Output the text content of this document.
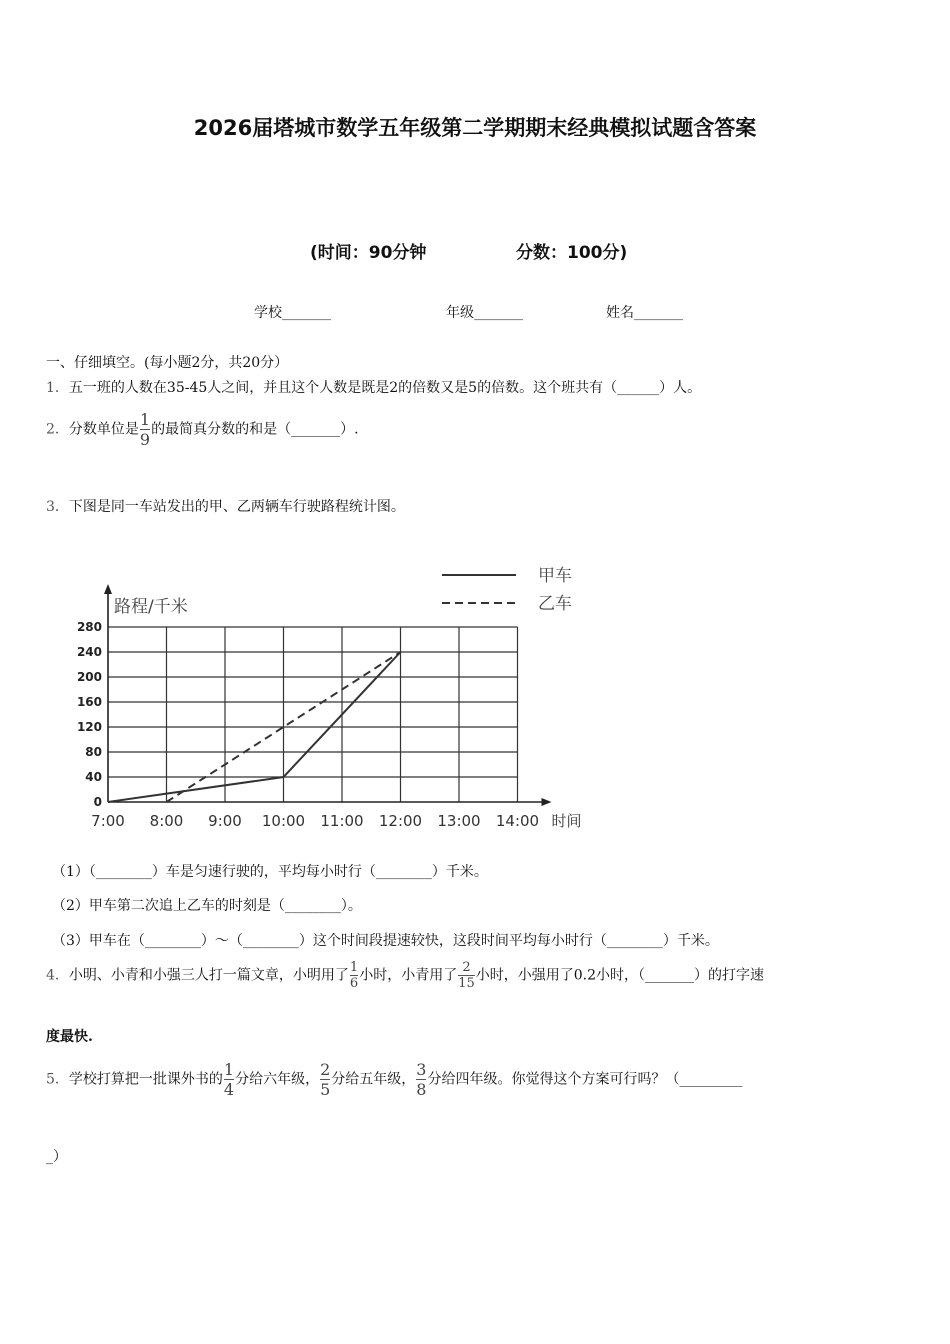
2026届塔城市数学五年级第二学期期末经典模拟试题含答案
(时间：90分钟	分数：100分)
学校_______	年级_______	姓名_______
一、仔细填空。(每小题2分，共20分）
1．五一班的人数在35-45人之间，并且这个人数是既是2的倍数又是5的倍数。这个班共有（______）人。
2．分数单位是 $\frac{1}{9}$ 的最简真分数的和是（_______）.
3．下图是同一车站发出的甲、乙两辆车行驶路程统计图。
0
40
80
120
160
200
240
280
7:00 8:00 9:00 10:00 11:00 12:00 13:00 14:00
甲车
乙车
路程/千米
时间
（1）（________）车是匀速行驶的，平均每小时行（________）千米。
（2）甲车第二次追上乙车的时刻是（________）。
（3）甲车在（________）～（________）这个时间段提速较快，这段时间平均每小时行（________）千米。
4．小明、小青和小强三人打一篇文章，小明用了 $\frac{1}{6}$ 小时，小青用了 $\frac{2}{15}$ 小时，小强用了0.2小时，（_______）的打字速
度最快.
5．学校打算把一批课外书的 $\frac{1}{4}$ 分给六年级， $\frac{2}{5}$ 分给五年级， $\frac{3}{8}$ 分给四年级。你觉得这个方案可行吗？（_________
_）
